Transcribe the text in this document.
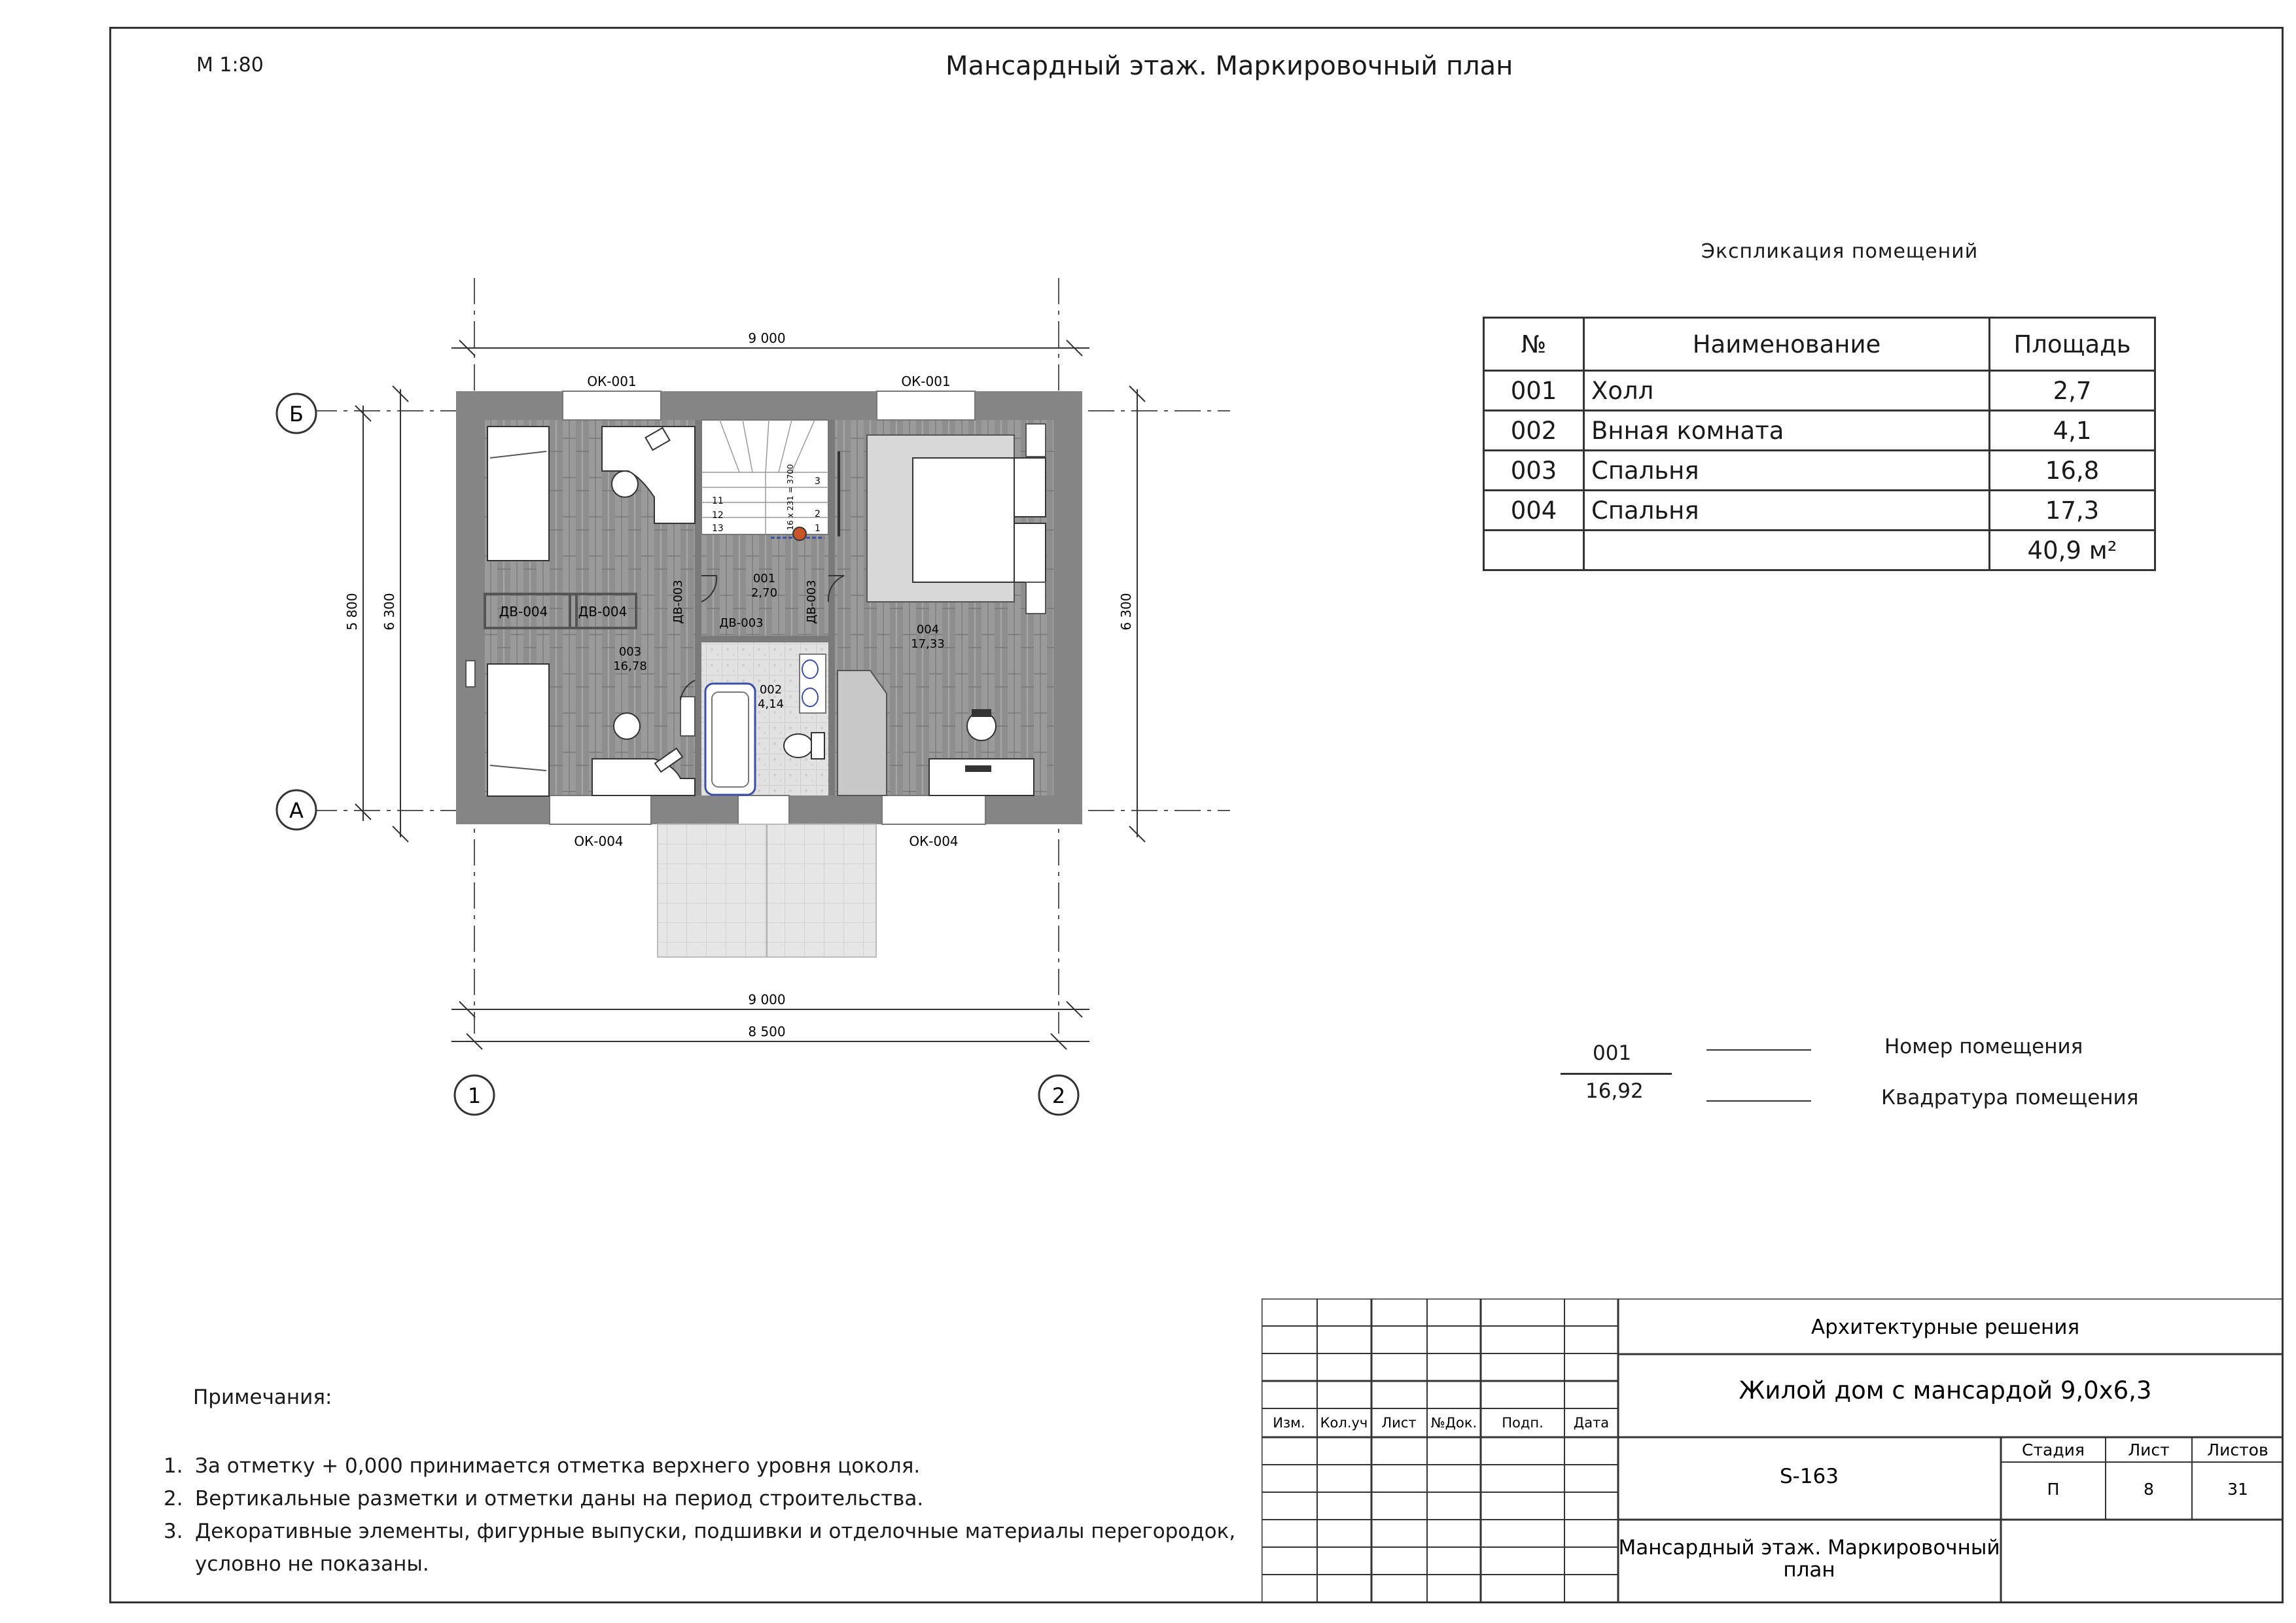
М 1:80	Мансардный этаж. Маркировочный план
Б
А
1	2
9 000
9 000
8 500
5 800 6 300	6 300
ОК-001	ОК-001
ОК-004	ОК-004
11
12
13
3
2
1
16 х 231 = 3700
ДВ-004 ДВ-004	ДВ-003	ДВ-003	ДВ-003
001
2,70
002
4,14
003
16,78
004
17,33
Экспликация помещений
№	Наименование	Площадь
001	Холл	2,7
002	Внная комната	4,1
003	Спальня	16,8
004	Спальня	17,3
		40,9 м²
001
16,92
Номер помещения
Квадратура помещения
Примечания:
1. За отметку + 0,000 принимается отметка верхнего уровня цоколя.
2. Вертикальные разметки и отметки даны на период строительства.
3. Декоративные элементы, фигурные выпуски, подшивки и отделочные материалы перегородок,
условно не показаны.
Изм. Кол.уч Лист №Док. Подп. Дата
Архитектурные решения
Жилой дом с мансардой 9,0х6,3
S-163
Стадия	Лист Листов
П	8	31
Мансардный этаж. Маркировочный
план
